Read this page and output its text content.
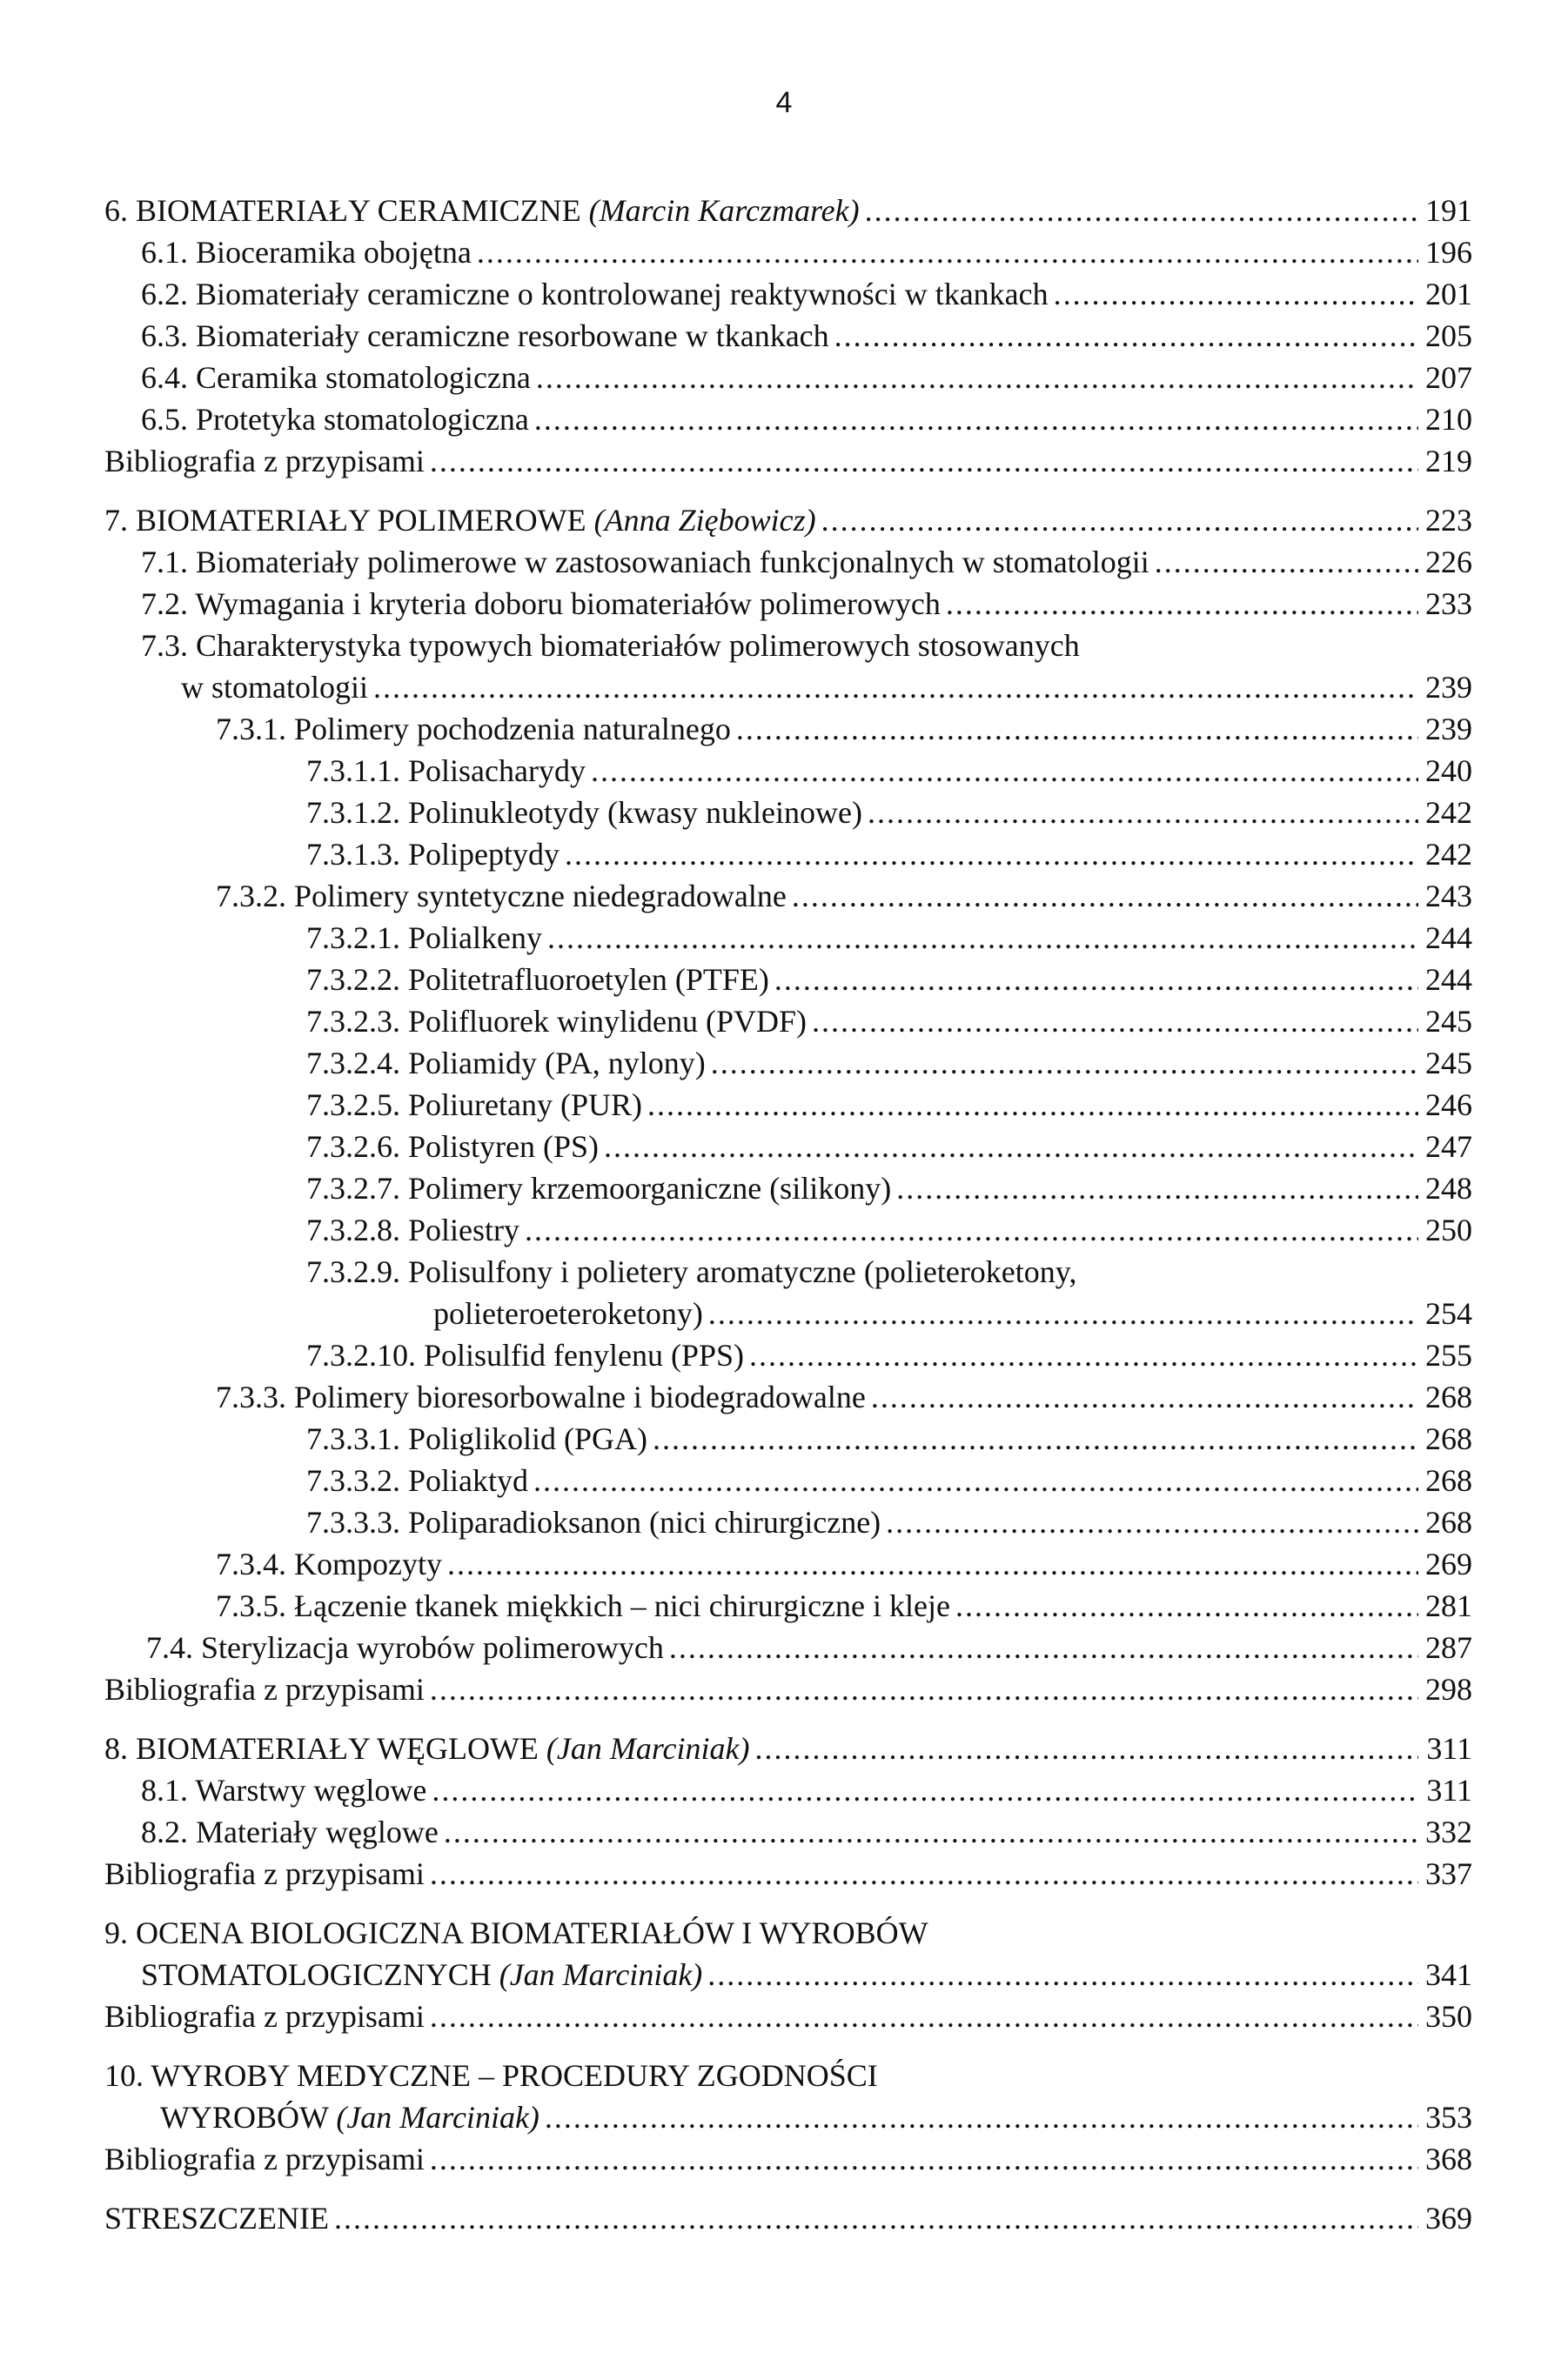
4
6. BIOMATERIAŁY CERAMICZNE (Marcin Karczmarek) .....	191
6.1. Bioceramika obojętna .....	196
6.2. Biomateriały ceramiczne o kontrolowanej reaktywności w tkankach .....	201
6.3. Biomateriały ceramiczne resorbowane w tkankach .....	205
6.4. Ceramika stomatologiczna .....	207
6.5. Protetyka stomatologiczna .....	210
Bibliografia z przypisami .....	219
7. BIOMATERIAŁY POLIMEROWE (Anna Ziębowicz) .....	223
7.1. Biomateriały polimerowe w zastosowaniach funkcjonalnych w stomatologii .....	226
7.2. Wymagania i kryteria doboru biomateriałów polimerowych .....	233
7.3. Charakterystyka typowych biomateriałów polimerowych stosowanych
w stomatologii .....	239
7.3.1. Polimery pochodzenia naturalnego .....	239
7.3.1.1. Polisacharydy .....	240
7.3.1.2. Polinukleotydy (kwasy nukleinowe) .....	242
7.3.1.3. Polipeptydy .....	242
7.3.2. Polimery syntetyczne niedegradowalne .....	243
7.3.2.1. Polialkeny .....	244
7.3.2.2. Politetrafluoroetylen (PTFE) .....	244
7.3.2.3. Polifluorek winylidenu (PVDF) .....	245
7.3.2.4. Poliamidy (PA, nylony) .....	245
7.3.2.5. Poliuretany (PUR) .....	246
7.3.2.6. Polistyren (PS) .....	247
7.3.2.7. Polimery krzemoorganiczne (silikony) .....	248
7.3.2.8. Poliestry .....	250
7.3.2.9. Polisulfony i polietery aromatyczne (polieteroketony,
polieteroeteroketony) .....	254
7.3.2.10. Polisulfid fenylenu (PPS) .....	255
7.3.3. Polimery bioresorbowalne i biodegradowalne .....	268
7.3.3.1. Poliglikolid (PGA) .....	268
7.3.3.2. Poliaktyd .....	268
7.3.3.3. Poliparadioksanon (nici chirurgiczne) .....	268
7.3.4. Kompozyty .....	269
7.3.5. Łączenie tkanek miękkich – nici chirurgiczne i kleje .....	281
7.4. Sterylizacja wyrobów polimerowych .....	287
Bibliografia z przypisami .....	298
8. BIOMATERIAŁY WĘGLOWE (Jan Marciniak) .....	311
8.1. Warstwy węglowe .....	311
8.2. Materiały węglowe .....	332
Bibliografia z przypisami .....	337
9. OCENA BIOLOGICZNA BIOMATERIAŁÓW I WYROBÓW
STOMATOLOGICZNYCH (Jan Marciniak) .....	341
Bibliografia z przypisami .....	350
10. WYROBY MEDYCZNE – PROCEDURY ZGODNOŚCI
WYROBÓW (Jan Marciniak) .....	353
Bibliografia z przypisami .....	368
STRESZCZENIE .....	369
